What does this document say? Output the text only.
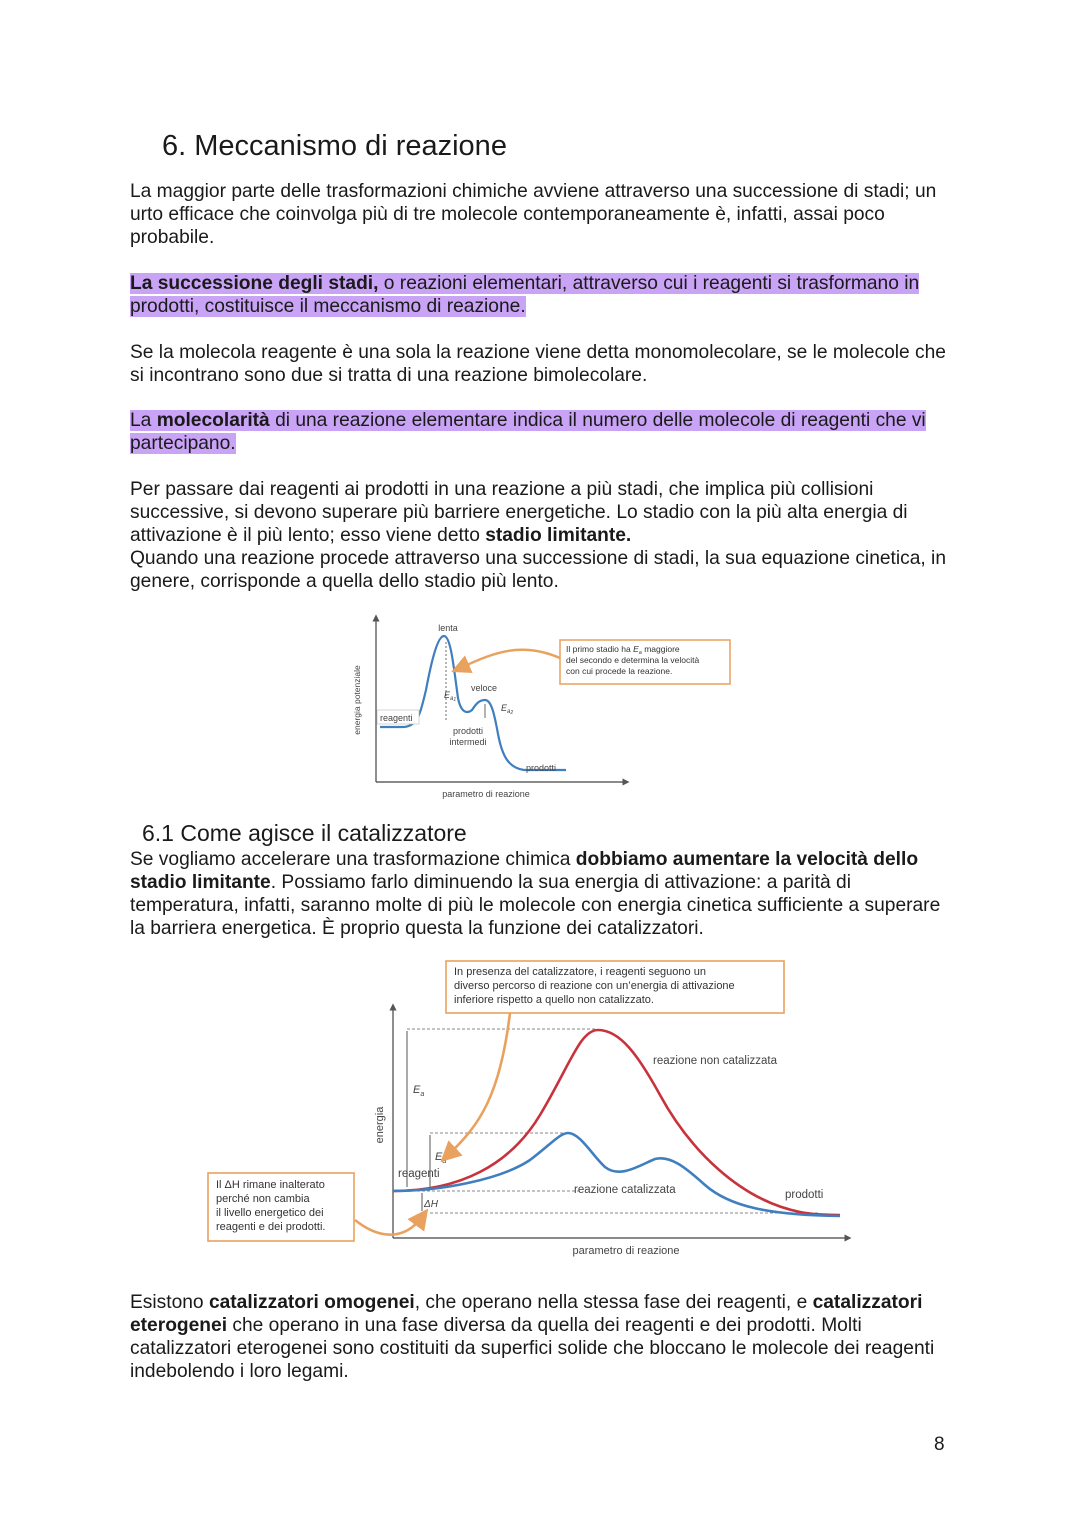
6. Meccanismo di reazione

La maggior parte delle trasformazioni chimiche avviene attraverso una successione di stadi; un urto efficace che coinvolga più di tre molecole contemporaneamente è, infatti, assai poco probabile.

La successione degli stadi, o reazioni elementari, attraverso cui i reagenti si trasformano in prodotti, costituisce il meccanismo di reazione.

Se la molecola reagente è una sola la reazione viene detta monomolecolare, se le molecole che si incontrano sono due si tratta di una reazione bimolecolare.

La molecolarità di una reazione elementare indica il numero delle molecole di reagenti che vi partecipano.

Per passare dai reagenti ai prodotti in una reazione a più stadi, che implica più collisioni successive, si devono superare più barriere energetiche. Lo stadio con la più alta energia di attivazione è il più lento; esso viene detto stadio limitante.
Quando una reazione procede attraverso una successione di stadi, la sua equazione cinetica, in genere, corrisponde a quella dello stadio più lento.

energia potenziale
parametro di reazione
reagenti
lenta
veloce
$E_a1$
$E_a2$
prodotti
intermedi
prodotti
Il primo stadio ha $E_a$ maggiore
del secondo e determina la velocità
con cui procede la reazione.
6.1 Come agisce il catalizzatore

Se vogliamo accelerare una trasformazione chimica dobbiamo aumentare la velocità dello stadio limitante. Possiamo farlo diminuendo la sua energia di attivazione: a parità di temperatura, infatti, saranno molte di più le molecole con energia cinetica sufficiente a superare la barriera energetica. È proprio questa la funzione dei catalizzatori.

energia
parametro di reazione
$E_a$
$E_a$
reagenti
ΔH
reazione non catalizzata
reazione catalizzata	prodotti
In presenza del catalizzatore, i reagenti seguono un
diverso percorso di reazione con un’energia di attivazione
inferiore rispetto a quello non catalizzato.
Il ΔH rimane inalterato
perché non cambia
il livello energetico dei
reagenti e dei prodotti.

Esistono catalizzatori omogenei, che operano nella stessa fase dei reagenti, e catalizzatori eterogenei che operano in una fase diversa da quella dei reagenti e dei prodotti. Molti catalizzatori eterogenei sono costituiti da superfici solide che bloccano le molecole dei reagenti indebolendo i loro legami.

8
